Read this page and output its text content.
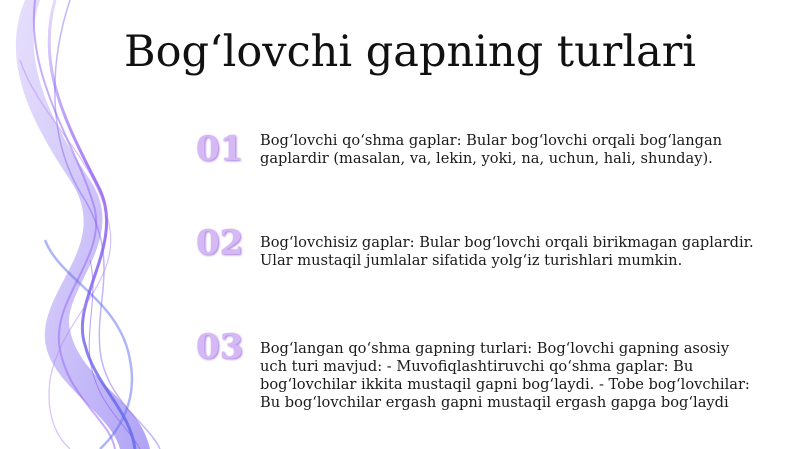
Bog‘lovchi gapning turlari
01	Bog‘lovchi qo‘shma gaplar: Bular bog‘lovchi orqali bog‘langan gaplardir (masalan, va, lekin, yoki, na, uchun, hali, shunday).
02	Bog‘lovchisiz gaplar: Bular bog‘lovchi orqali birikmagan gaplardir. Ular mustaqil jumlalar sifatida yolg‘iz turishlari mumkin.
03	Bog‘langan qo‘shma gapning turlari: Bog‘lovchi gapning asosiy uch turi mavjud: - Muvofiqlashtiruvchi qo‘shma gaplar: Bu bog‘lovchilar ikkita mustaqil gapni bog‘laydi. - Tobe bog‘lovchilar: Bu bog‘lovchilar ergash gapni mustaqil ergash gapga bog‘laydi
